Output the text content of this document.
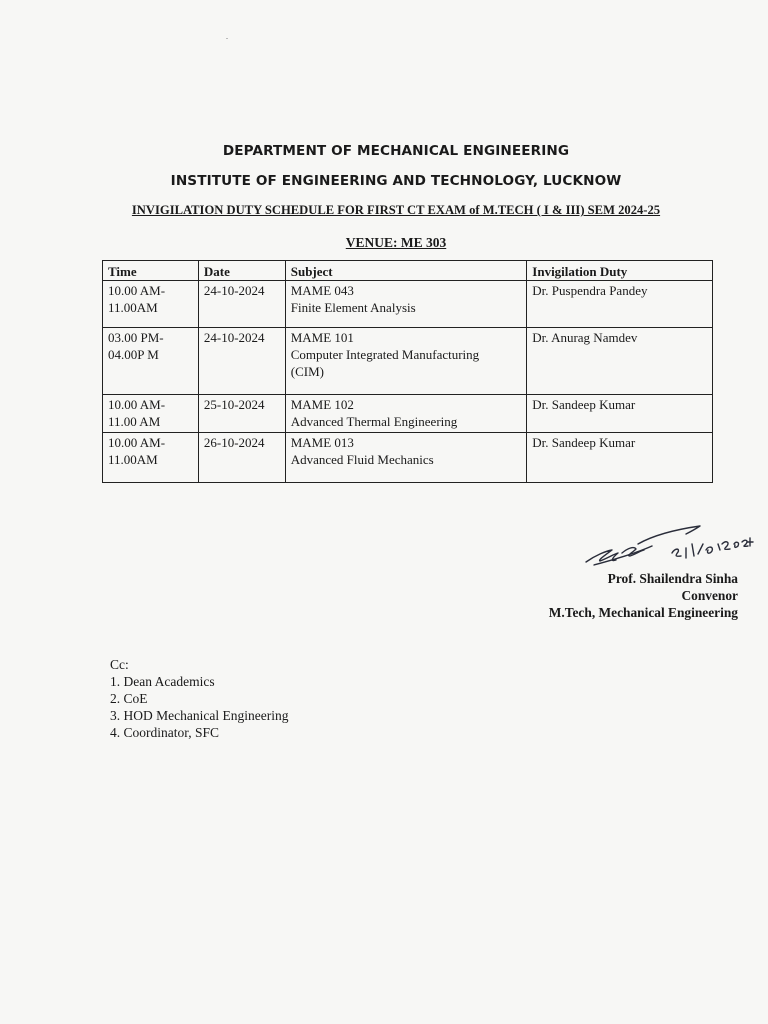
DEPARTMENT OF MECHANICAL ENGINEERING
INSTITUTE OF ENGINEERING AND TECHNOLOGY, LUCKNOW
INVIGILATION DUTY SCHEDULE FOR FIRST CT EXAM of M.TECH ( I & III) SEM 2024-25
VENUE: ME 303
Time	Date	Subject	Invigilation Duty

10.00 AM-
11.00AM	24-10-2024	MAME 043
Finite Element Analysis	Dr. Puspendra Pandey

03.00 PM-
04.00P M	24-10-2024	MAME 101
Computer Integrated Manufacturing
(CIM)	Dr. Anurag Namdev

10.00 AM-
11.00 AM	25-10-2024	MAME 102
Advanced Thermal Engineering	Dr. Sandeep Kumar

10.00 AM-
11.00AM	26-10-2024	MAME 013
Advanced Fluid Mechanics	Dr. Sandeep Kumar
Prof. Shailendra Sinha
Convenor
M.Tech, Mechanical Engineering
Cc:
1. Dean Academics
2. CoE
3. HOD Mechanical Engineering
4. Coordinator, SFC
